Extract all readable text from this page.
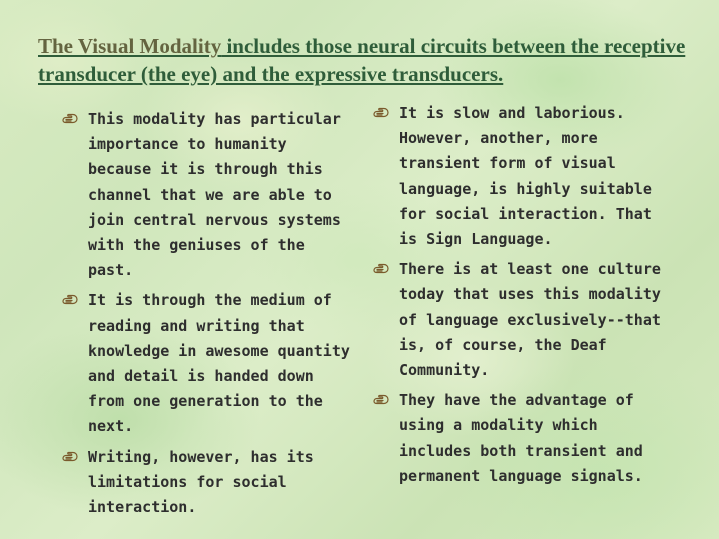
The Visual Modality includes those neural circuits between the receptive transducer (the eye) and the expressive transducers.
This modality has particular importance to humanity because it is through this channel that we are able to join central nervous systems with the geniuses of the past.
It is through the medium of reading and writing that knowledge in awesome quantity and detail is handed down from one generation to the next.
Writing, however, has its limitations for social interaction.
It is slow and laborious. However, another, more transient form of visual language, is highly suitable for social interaction. That is Sign Language.
There is at least one culture today that uses this modality of language exclusively--that is, of course, the Deaf Community.
They have the advantage of using a modality which includes both transient and permanent language signals.
